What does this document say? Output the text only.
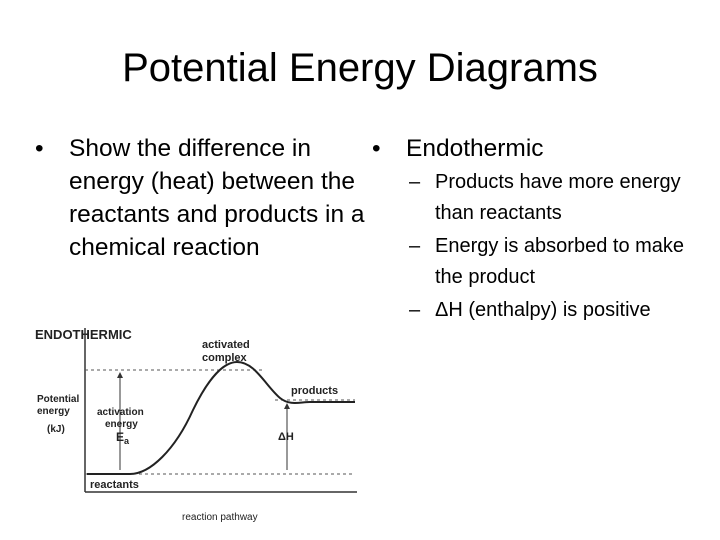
Potential Energy Diagrams
• Show the difference in energy (heat) between the reactants and products in a chemical reaction
• Endothermic
– Products have more energy than reactants
– Energy is absorbed to make the product
– ΔH (enthalpy) is positive
ENDOTHERMIC
activated
complex
products
reactants
Potential
energy
(kJ)
activation
energy
$E_a$	ΔH
reaction pathway
